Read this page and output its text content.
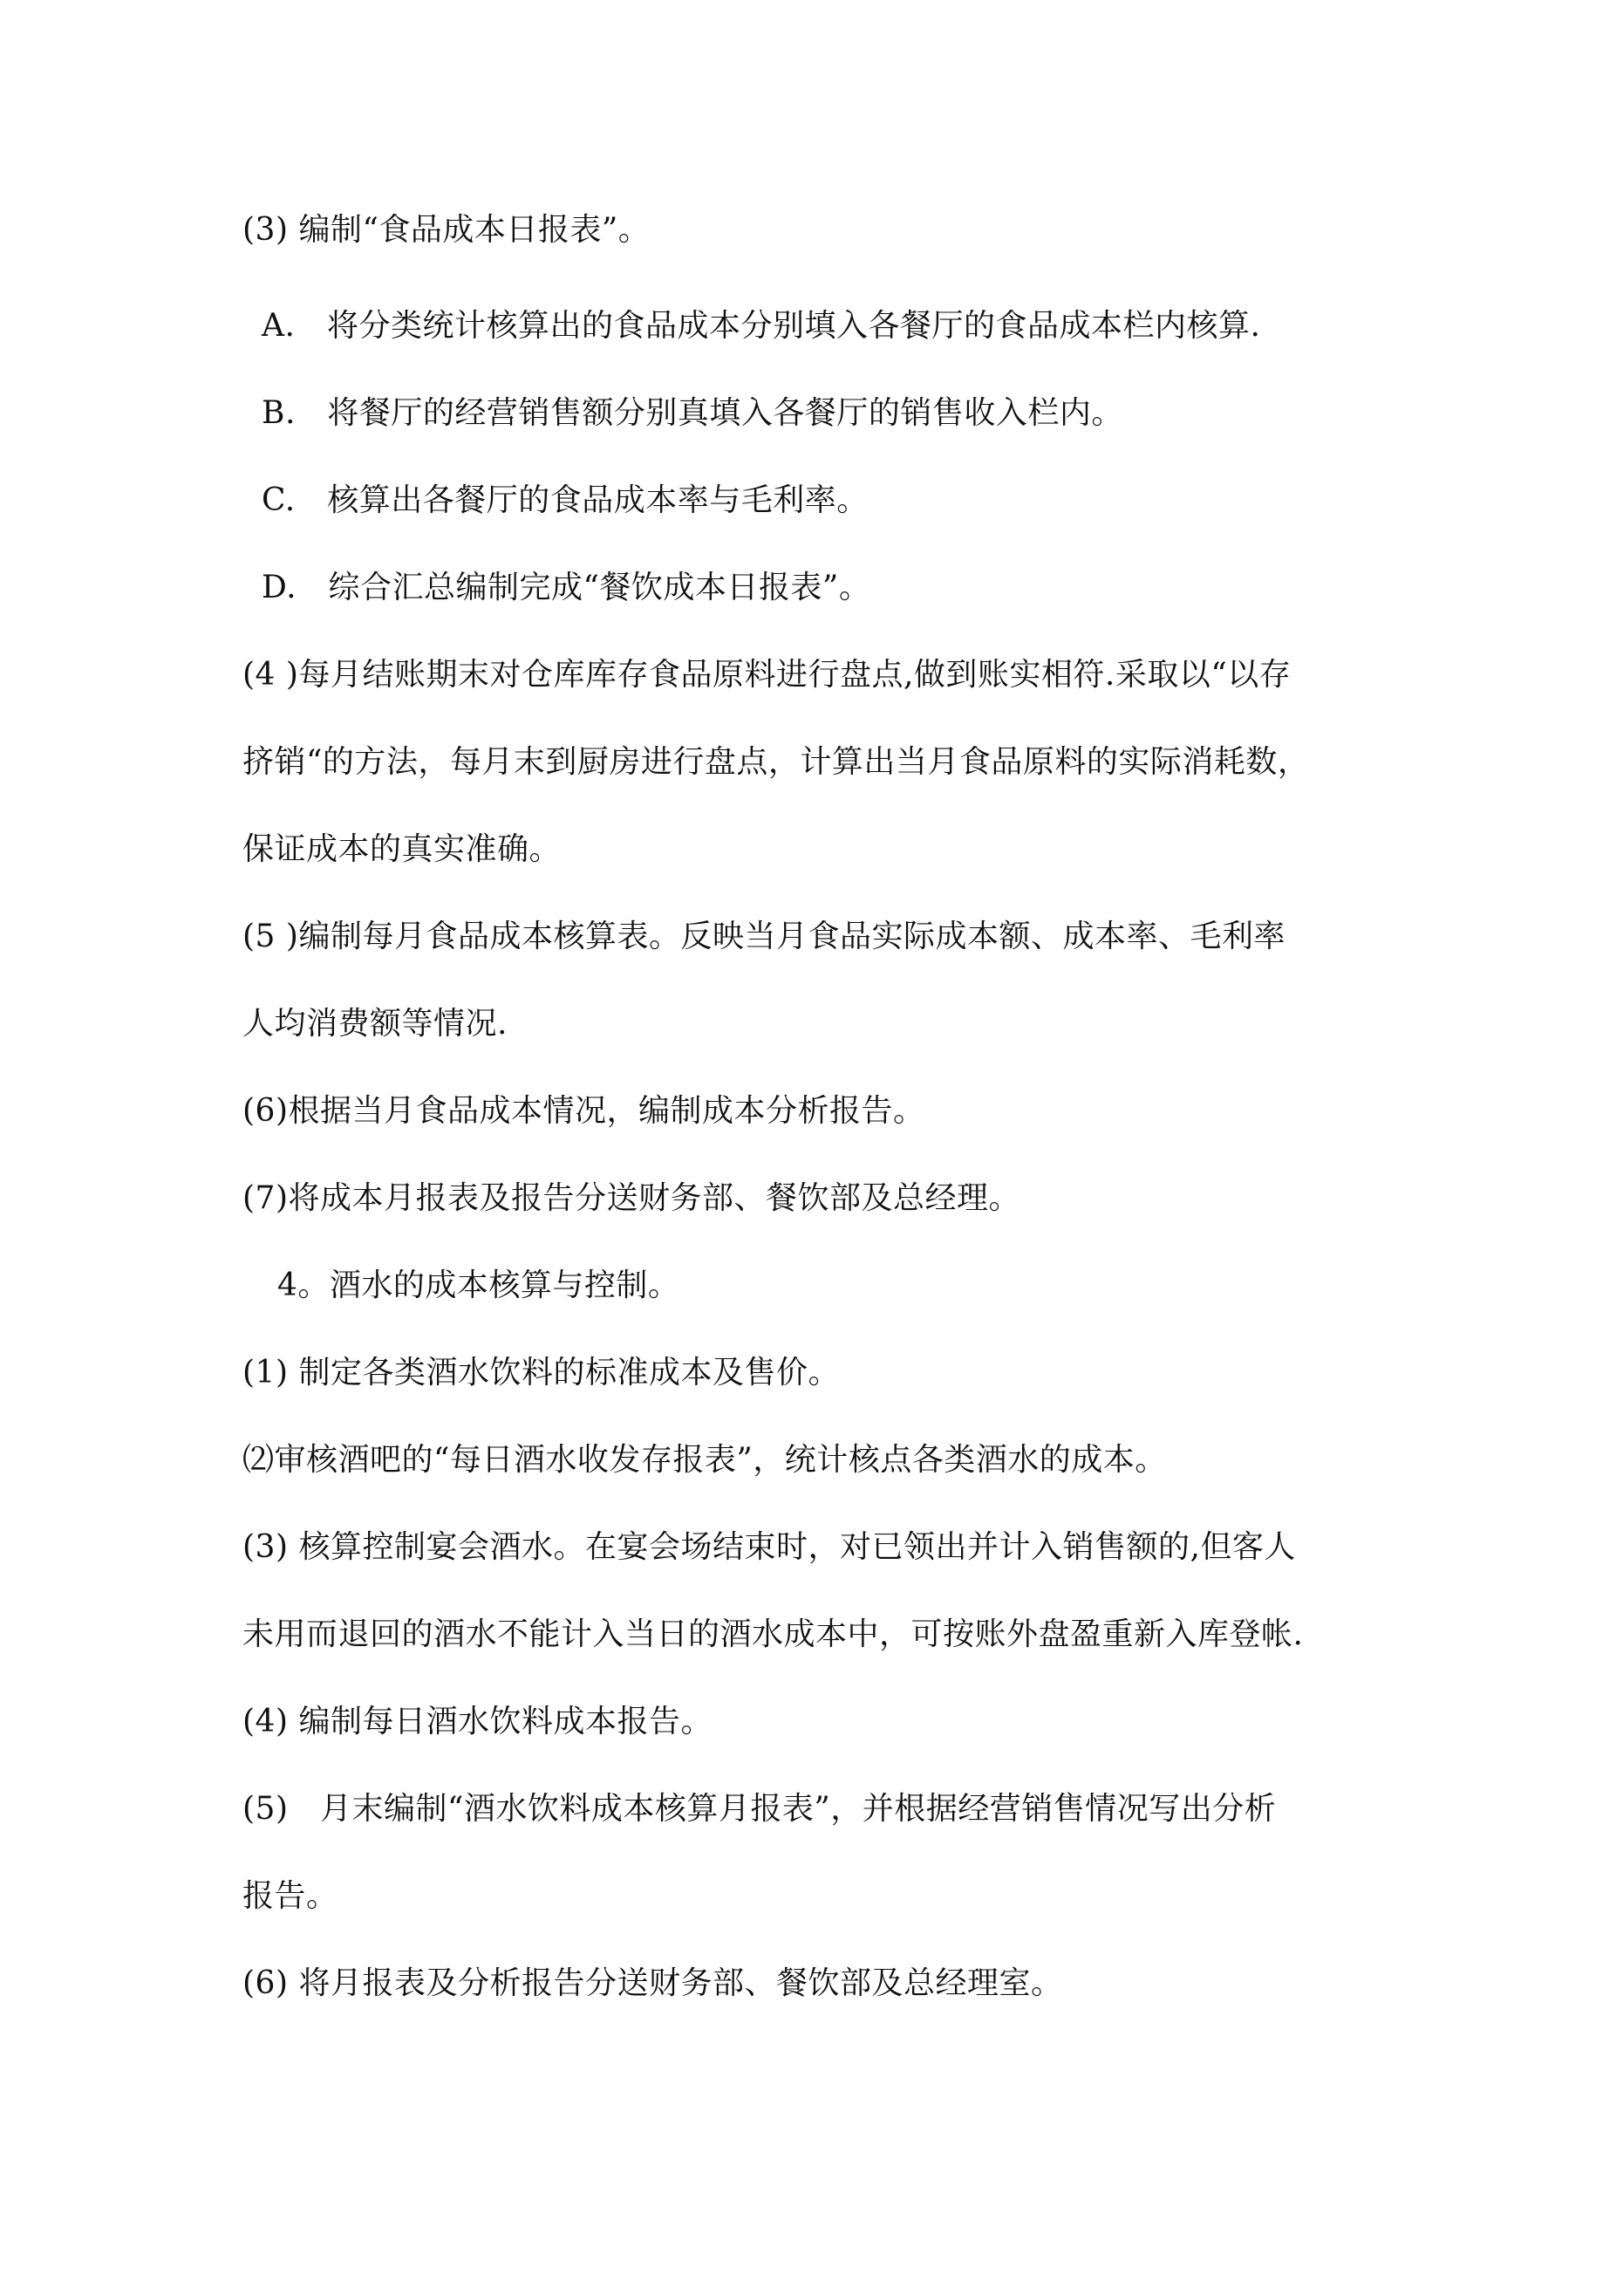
(3) 编制“食品成本日报表”。
A.　将分类统计核算出的食品成本分别填入各餐厅的食品成本栏内核算.
B.　将餐厅的经营销售额分别真填入各餐厅的销售收入栏内。
C.　核算出各餐厅的食品成本率与毛利率。
D.　综合汇总编制完成“餐饮成本日报表”。
(4 )每月结账期末对仓库库存食品原料进行盘点,做到账实相符.采取以“以存
挤销“的方法，每月末到厨房进行盘点，计算出当月食品原料的实际消耗数，
保证成本的真实准确。
(5 )编制每月食品成本核算表。反映当月食品实际成本额、成本率、毛利率
人均消费额等情况.
(6)根据当月食品成本情况，编制成本分析报告。
(7)将成本月报表及报告分送财务部、餐饮部及总经理。
4。酒水的成本核算与控制。
(1) 制定各类酒水饮料的标准成本及售价。
⑵审核酒吧的“每日酒水收发存报表”，统计核点各类酒水的成本。
(3) 核算控制宴会酒水。在宴会场结束时，对已领出并计入销售额的,但客人
未用而退回的酒水不能计入当日的酒水成本中，可按账外盘盈重新入库登帐.
(4) 编制每日酒水饮料成本报告。
(5)　月末编制“酒水饮料成本核算月报表”，并根据经营销售情况写出分析
报告。
(6) 将月报表及分析报告分送财务部、餐饮部及总经理室。
